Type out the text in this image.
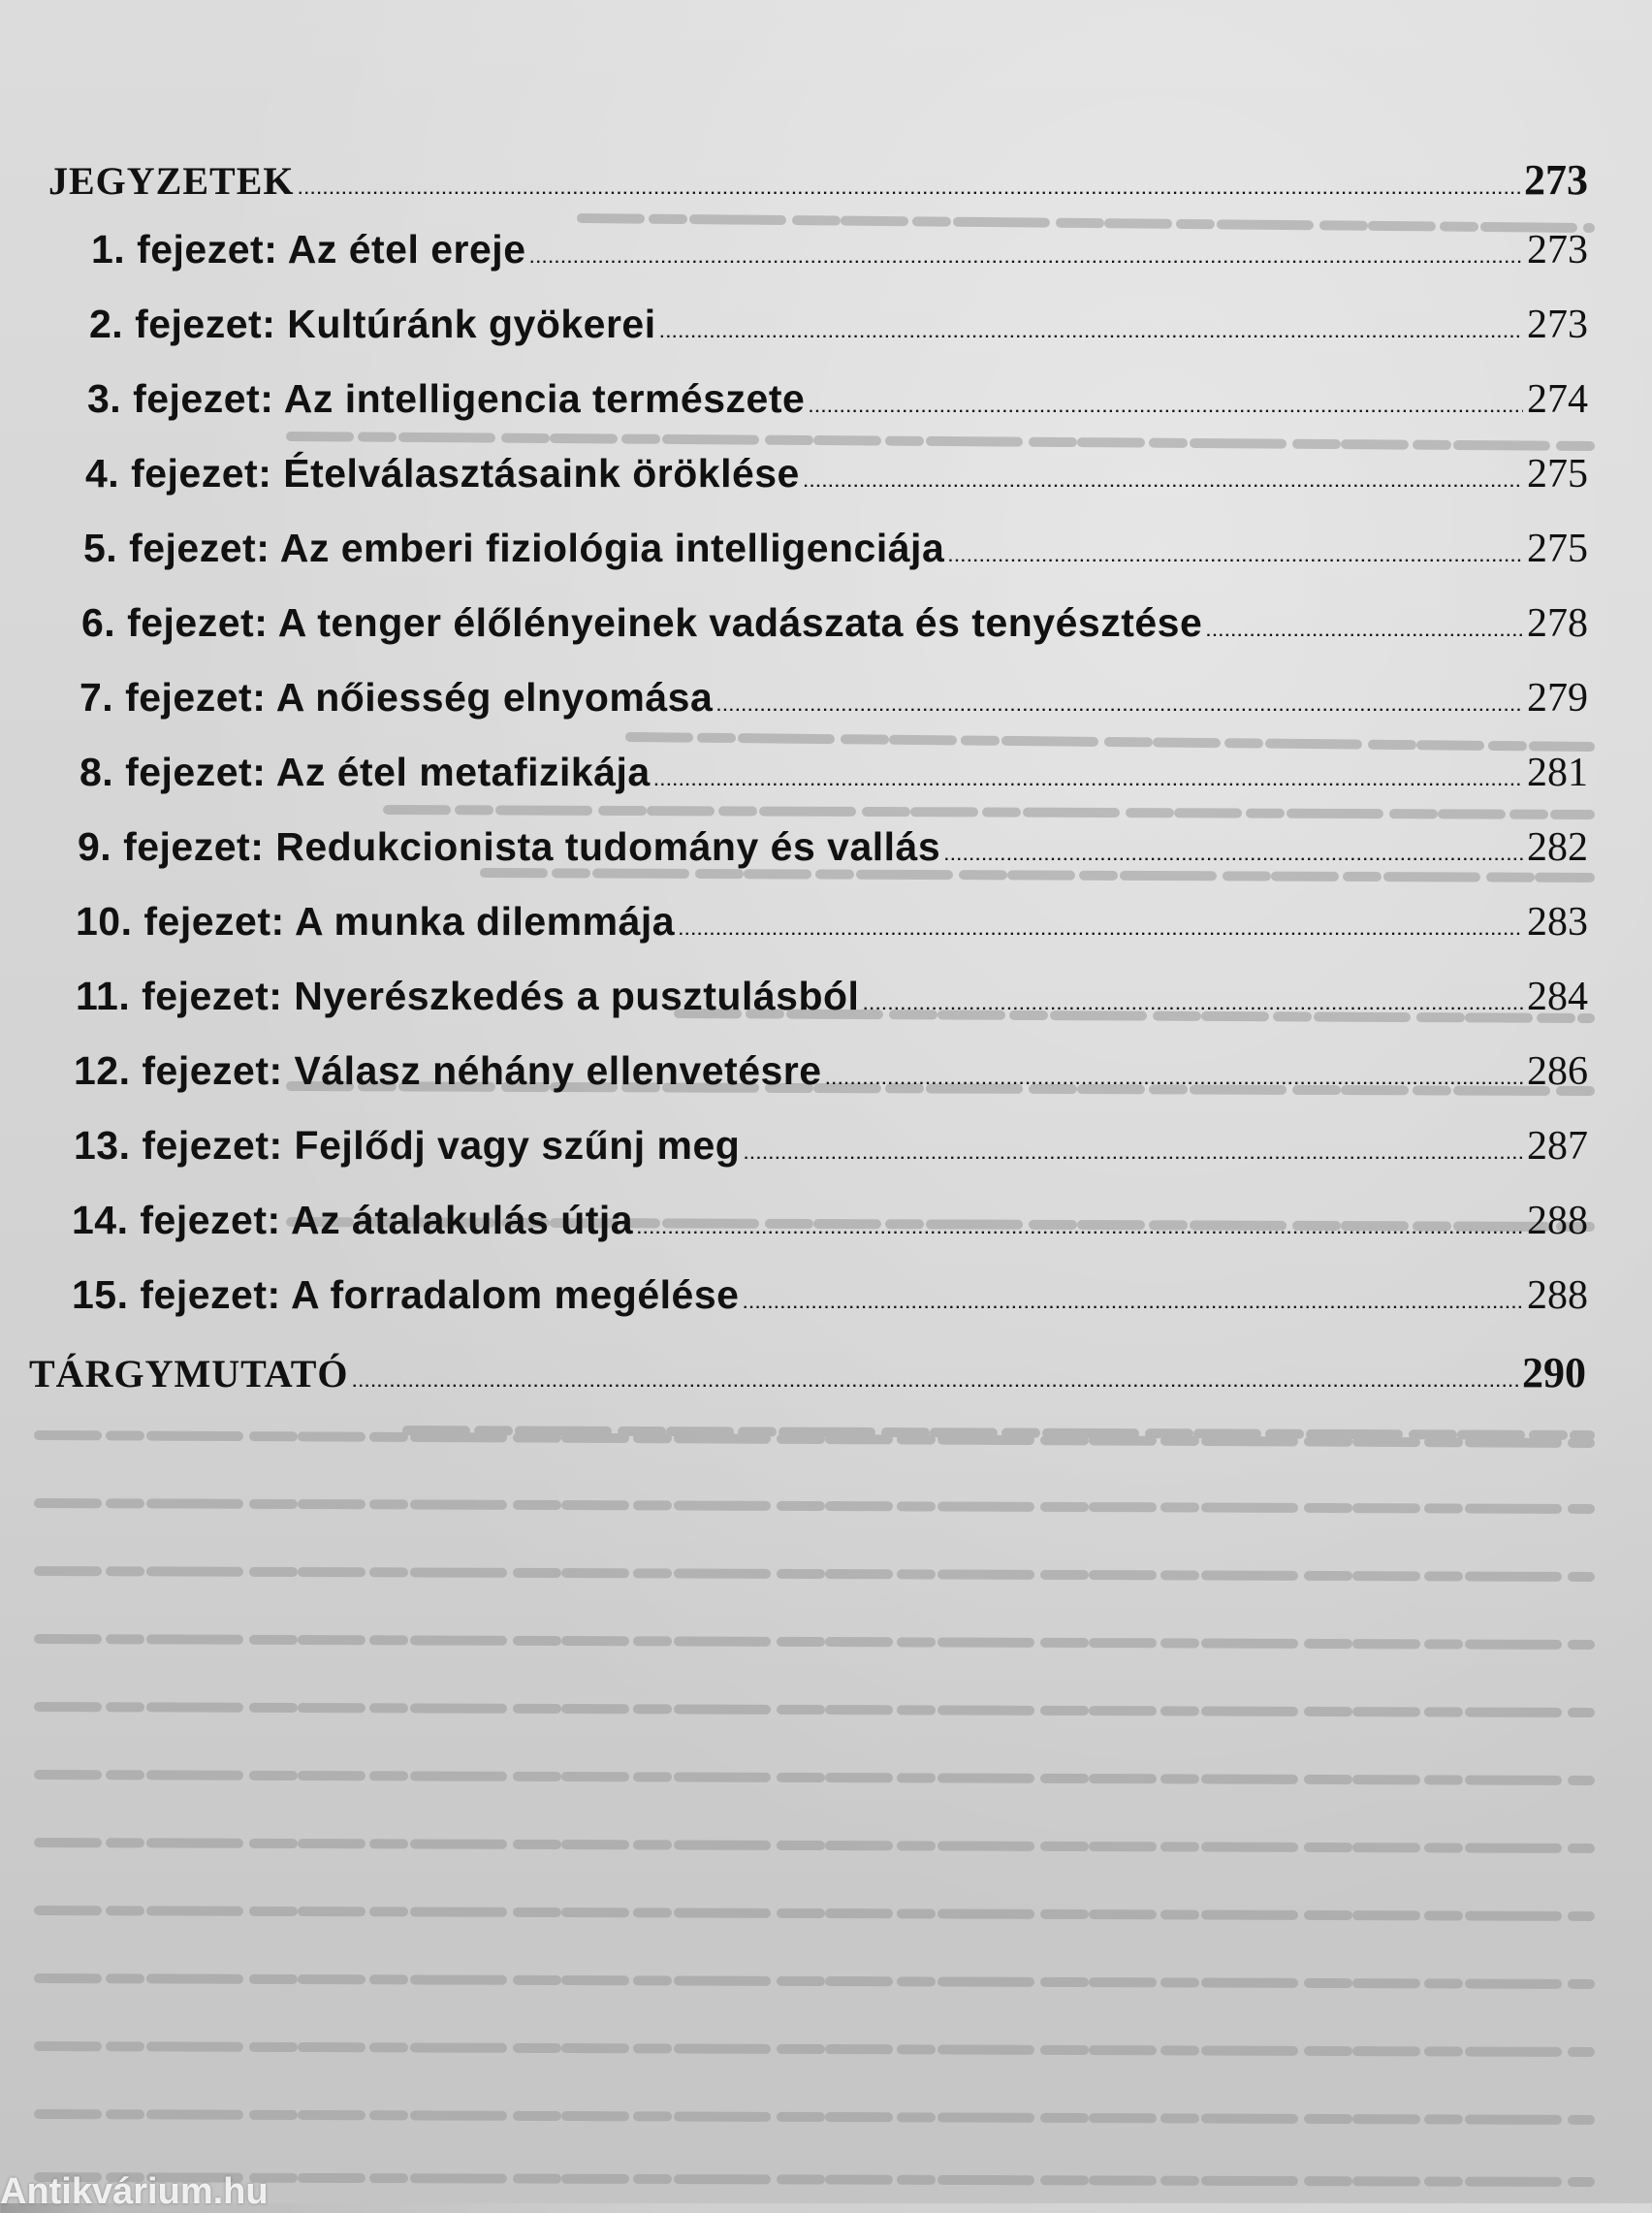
JEGYZETEK .....	273
1. fejezet: Az étel ereje .....	273
2. fejezet: Kultúránk gyökerei .....	273
3. fejezet: Az intelligencia természete .....	274
4. fejezet: Ételválasztásaink öröklése .....	275
5. fejezet: Az emberi fiziológia intelligenciája .....	275
6. fejezet: A tenger élőlényeinek vadászata és tenyésztése .....	278
7. fejezet: A nőiesség elnyomása .....	279
8. fejezet: Az étel metafizikája .....	281
9. fejezet: Redukcionista tudomány és vallás .....	282
10. fejezet: A munka dilemmája .....	283
11. fejezet: Nyerészkedés a pusztulásból .....	284
12. fejezet: Válasz néhány ellenvetésre .....	286
13. fejezet: Fejlődj vagy szűnj meg .....	287
14. fejezet: Az átalakulás útja .....	288
15. fejezet: A forradalom megélése .....	288
TÁRGYMUTATÓ .....	290
Antikvárium.hu
